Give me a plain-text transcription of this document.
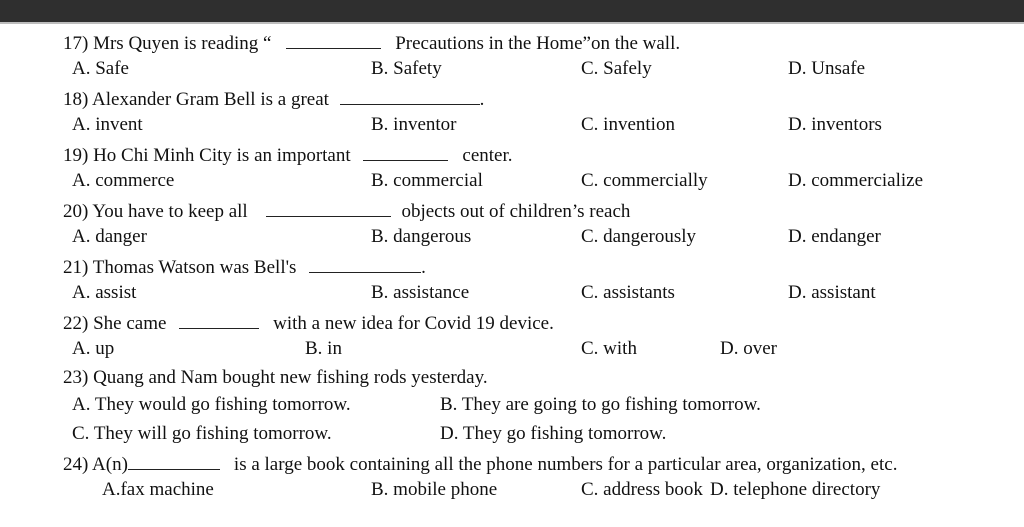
17) Mrs Quyen is reading “	Precautions in the Home”on the wall.
A. Safe	B. Safety	C. Safely	D. Unsafe
18) Alexander Gram Bell is a great	.
A. invent	B. inventor	C. invention	D. inventors
19) Ho Chi Minh City is an important	center.
A. commerce	B. commercial	C. commercially	D. commercialize
20) You have to keep all	objects out of children’s reach
A. danger	B. dangerous	C. dangerously	D. endanger
21) Thomas Watson was Bell's	.
A. assist	B. assistance	C. assistants	D. assistant
22) She came	with a new idea for Covid 19 device.
A. up	B. in	C. with	D. over
23) Quang and Nam bought new fishing rods yesterday.
A. They would go fishing tomorrow.	B. They are going to go fishing tomorrow.
C. They will go fishing tomorrow.	D. They go fishing tomorrow.
24) A(n)	is a large book containing all the phone numbers for a particular area, organization, etc.
A.fax machine	B. mobile phone	C. address book D. telephone directory
